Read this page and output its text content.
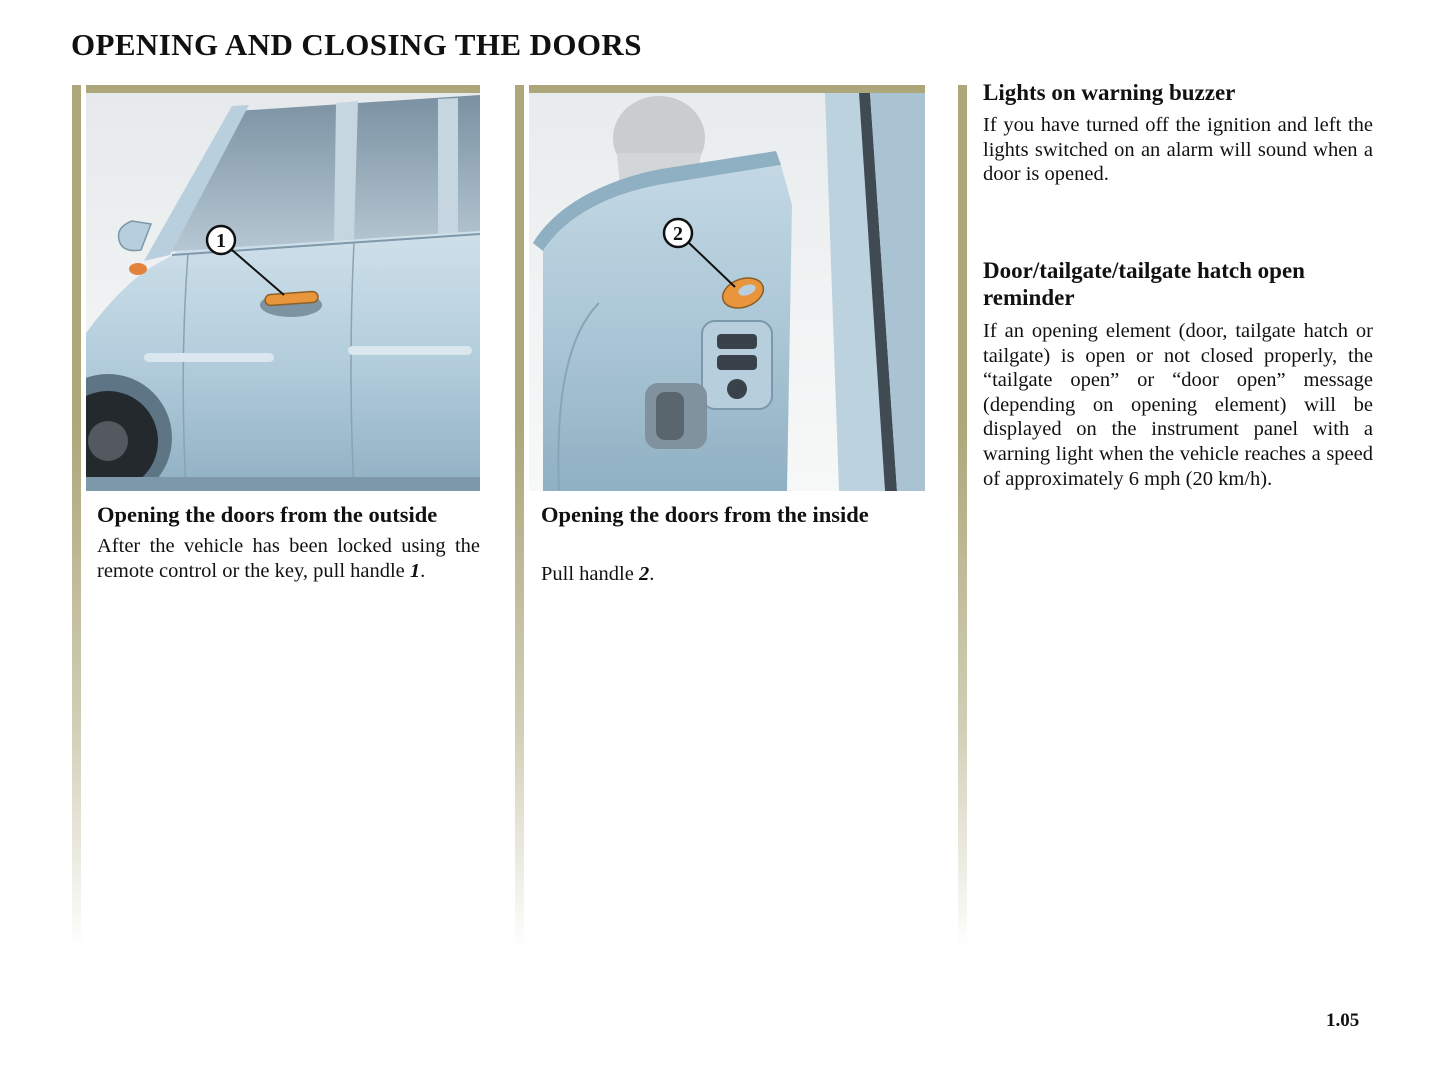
OPENING AND CLOSING THE DOORS
1	2
Opening the doors from the outside

After the vehicle has been locked using the remote control or the key, pull handle 1.

Opening the doors from the inside

Pull handle 2.

Lights on warning buzzer

If you have turned off the ignition and left the lights switched on an alarm will sound when a door is opened.

Door/tailgate/tailgate hatch open reminder

If an opening element (door, tailgate hatch or tailgate) is open or not closed properly, the “tailgate open” or “door open” message (depending on opening element) will be displayed on the instrument panel with a warning light when the vehicle reaches a speed of approximately 6 mph (20 km/h).

1.05
